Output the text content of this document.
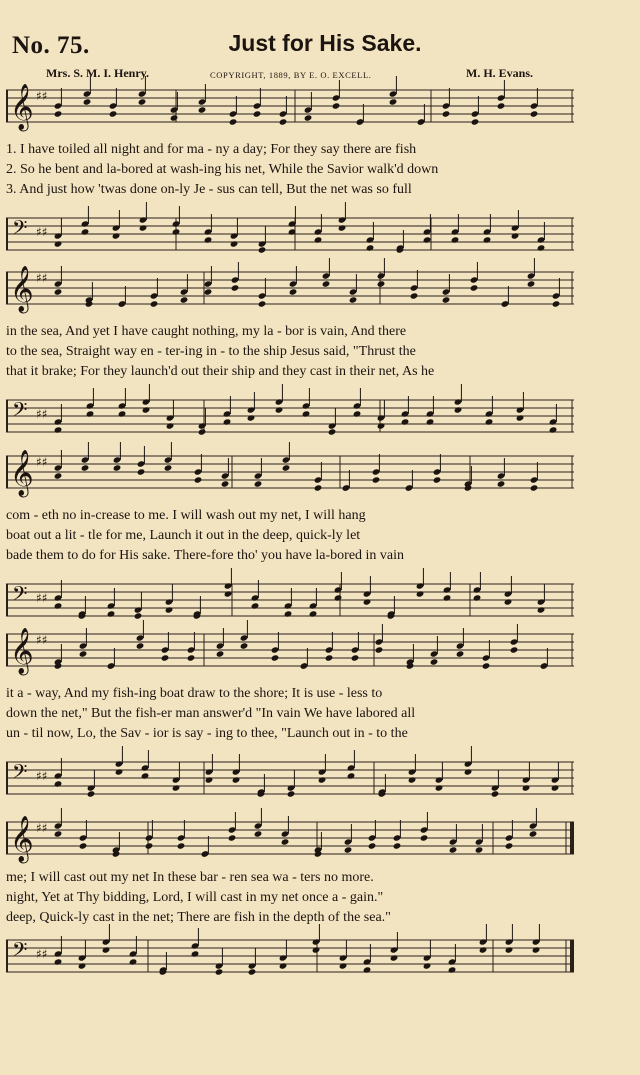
No. 75.	Just for His Sake.
Mrs. S. M. I. Henry.	COPYRIGHT, 1889, BY E. O. EXCELL.	M. H. Evans.
𝄞 ♯♯
1. I have toiled all night and for ma - ny a day; For they say there are fish
2. So he bent and la-bored at wash-ing his net, While the Savior walk'd down
3. And just how 'twas done on-ly Je - sus can tell, But the net was so full
𝄢 ♯♯
𝄞 ♯♯
in the sea, And yet I have caught nothing, my la - bor is vain, And there
to the sea, Straight way en - ter-ing in - to the ship Jesus said, "Thrust the
that it brake; For they launch'd out their ship and they cast in their net, As he
𝄢 ♯♯
𝄞 ♯♯
com - eth no in-crease to me. I will wash out my net, I will hang
boat out a lit - tle for me, Launch it out in the deep, quick-ly let
bade them to do for His sake. There-fore tho' you have la-bored in vain
𝄢 ♯♯
𝄞 ♯♯
it a - way, And my fish-ing boat draw to the shore; It is use - less to
down the net," But the fish-er man answer'd "In vain We have labored all
un - til now, Lo, the Sav - ior is say - ing to thee, "Launch out in - to the
𝄢 ♯♯
𝄞 ♯♯
me; I will cast out my net In these bar - ren sea wa - ters no more.
night, Yet at Thy bidding, Lord, I will cast in my net once a - gain."
deep, Quick-ly cast in the net; There are fish in the depth of the sea."
𝄢 ♯♯
